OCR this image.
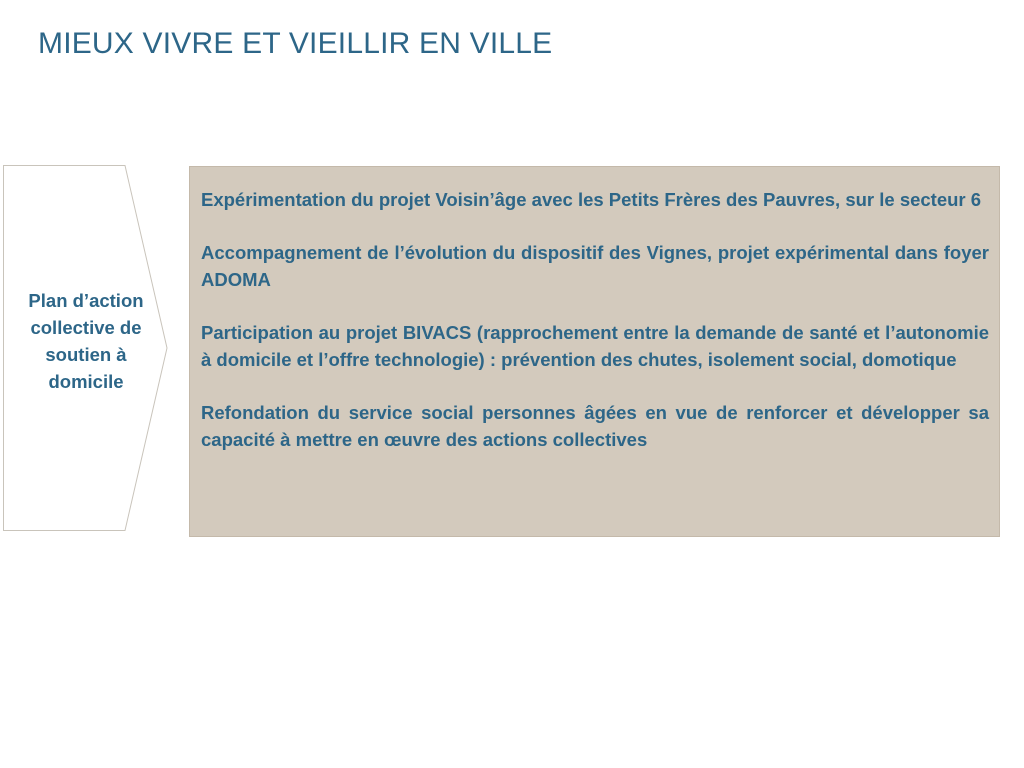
MIEUX VIVRE ET VIEILLIR EN VILLE
Plan d’action collective de soutien à domicile

Expérimentation du projet Voisin’âge avec les Petits Frères des Pauvres, sur le secteur 6

Accompagnement de l’évolution du dispositif des Vignes, projet expérimental dans foyer ADOMA

Participation au projet BIVACS (rapprochement entre la demande de santé et l’autonomie à domicile et l’offre technologie) : prévention des chutes, isolement social, domotique

Refondation du service social personnes âgées en vue de renforcer et développer sa capacité à mettre en œuvre des actions collectives
